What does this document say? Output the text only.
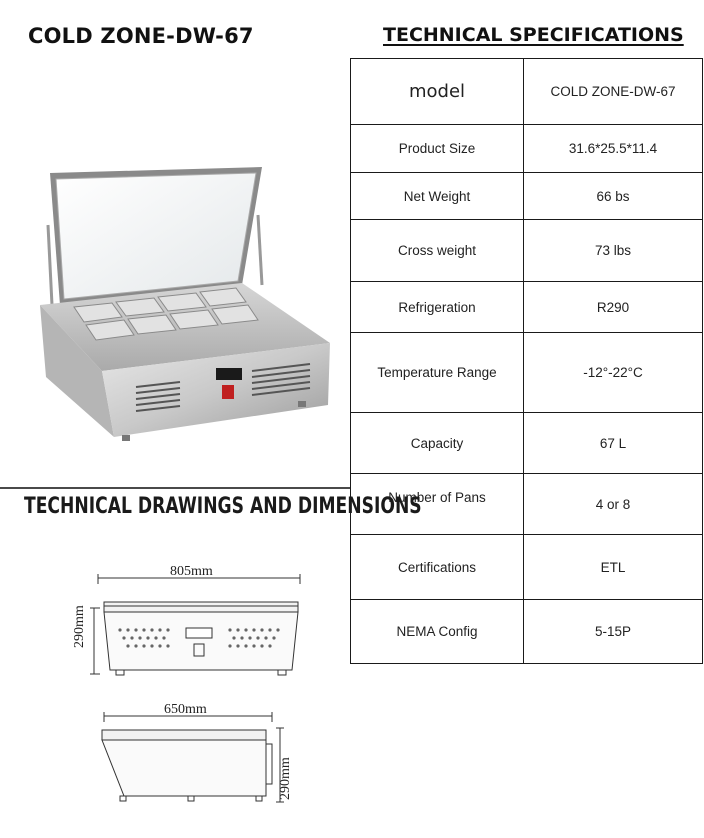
COLD ZONE-DW-67	TECHNICAL SPECIFICATIONS
model	COLD ZONE-DW-67
Product Size	31.6*25.5*11.4
Net Weight	66 bs
Cross weight	73 lbs
Refrigeration	R290
Temperature Range	-12°-22°C
Capacity	67 L
Number of Pans	4 or 8
Certifications	ETL
NEMA Config	5-15P
TECHNICAL DRAWINGS AND DIMENSIONS
805mm
290mm
650mm
290mm
